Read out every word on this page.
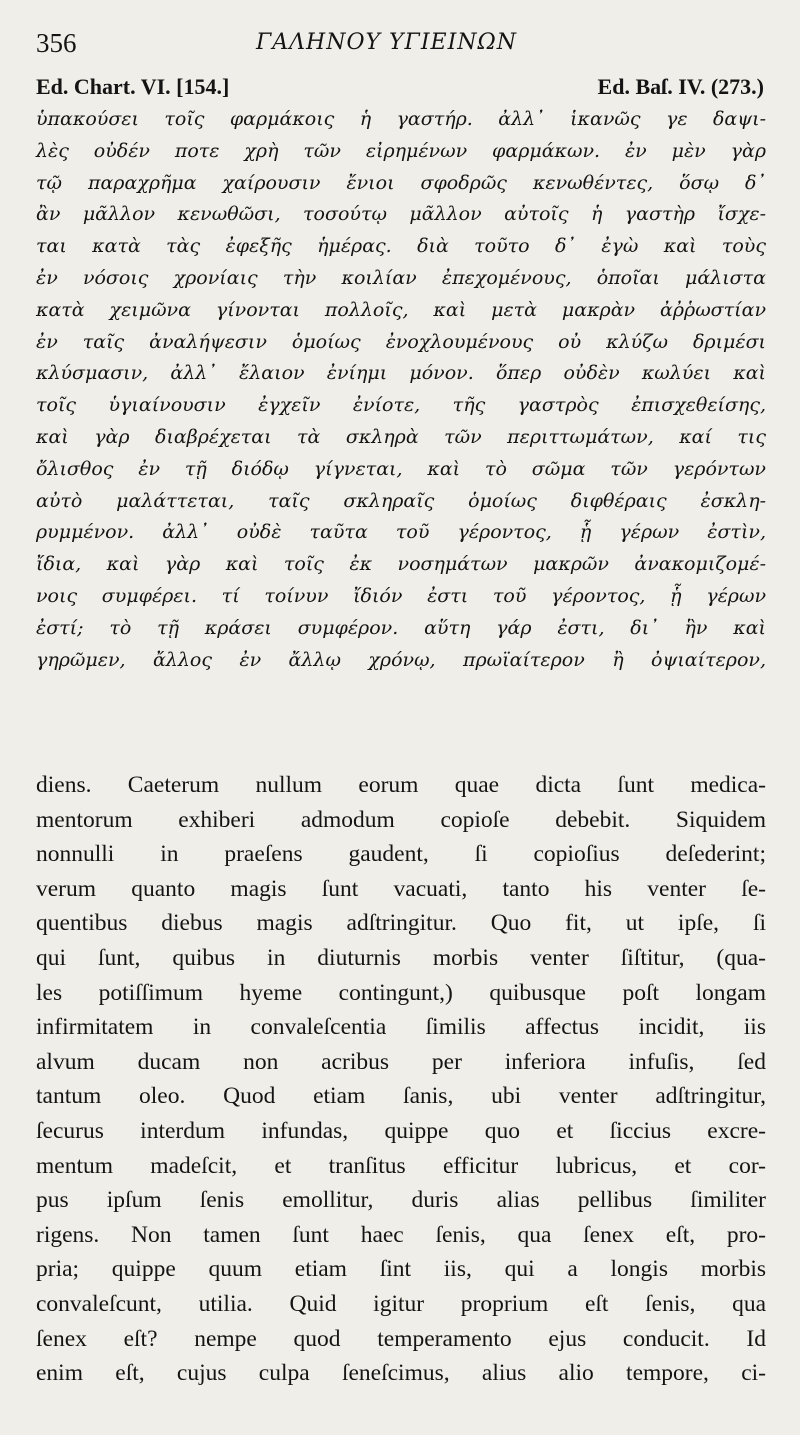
356	ΓΑΛΗΝΟΥ ΥΓΙΕΙΝΩΝ
Ed. Chart. VI. [154.]	Ed. Baſ. IV. (273.)
ὑπακούσει τοῖς φαρμάκοις ἡ γαστήρ. ἀλλ᾽ ἱκανῶς γε δαψι-
λὲς οὐδέν ποτε χρὴ τῶν εἰρημένων φαρμάκων. ἐν μὲν γὰρ
τῷ παραχρῆμα χαίρουσιν ἔνιοι σφοδρῶς κενωθέντες, ὅσῳ δ᾽
ἂν μᾶλλον κενωθῶσι, τοσούτῳ μᾶλλον αὐτοῖς ἡ γαστὴρ ἴσχε-
ται κατὰ τὰς ἐφεξῆς ἡμέρας. διὰ τοῦτο δ᾽ ἐγὼ καὶ τοὺς
ἐν νόσοις χρονίαις τὴν κοιλίαν ἐπεχομένους, ὁποῖαι μάλιστα
κατὰ χειμῶνα γίνονται πολλοῖς, καὶ μετὰ μακρὰν ἀῤῥωστίαν
ἐν ταῖς ἀναλήψεσιν ὁμοίως ἐνοχλουμένους οὐ κλύζω δριμέσι
κλύσμασιν, ἀλλ᾽ ἔλαιον ἐνίημι μόνον. ὅπερ οὐδὲν κωλύει καὶ
τοῖς ὑγιαίνουσιν ἐγχεῖν ἐνίοτε, τῆς γαστρὸς ἐπισχεθείσης,
καὶ γὰρ διαβρέχεται τὰ σκληρὰ τῶν περιττωμάτων, καί τις
ὄλισθος ἐν τῇ διόδῳ γίγνεται, καὶ τὸ σῶμα τῶν γερόντων
αὐτὸ μαλάττεται, ταῖς σκληραῖς ὁμοίως διφθέραις ἐσκλη-
ρυμμένον. ἀλλ᾽ οὐδὲ ταῦτα τοῦ γέροντος, ᾗ γέρων ἐστὶν,
ἴδια, καὶ γὰρ καὶ τοῖς ἐκ νοσημάτων μακρῶν ἀνακομιζομέ-
νοις συμφέρει. τί τοίνυν ἴδιόν ἐστι τοῦ γέροντος, ᾗ γέρων
ἐστί; τὸ τῇ κράσει συμφέρον. αὕτη γάρ ἐστι, δι᾽ ἣν καὶ
γηρῶμεν, ἄλλος ἐν ἄλλῳ χρόνῳ, πρωϊαίτερον ἢ ὀψιαίτερον,
diens. Caeterum nullum eorum quae dicta ſunt medica-
mentorum exhiberi admodum copioſe debebit. Siquidem
nonnulli in praeſens gaudent, ſi copioſius deſederint;
verum quanto magis ſunt vacuati, tanto his venter ſe-
quentibus diebus magis adſtringitur. Quo fit, ut ipſe, ſi
qui ſunt, quibus in diuturnis morbis venter ſiſtitur, (qua-
les potiſſimum hyeme contingunt,) quibusque poſt longam
infirmitatem in convaleſcentia ſimilis affectus incidit, iis
alvum ducam non acribus per inferiora infuſis, ſed
tantum oleo. Quod etiam ſanis, ubi venter adſtringitur,
ſecurus interdum infundas, quippe quo et ſiccius excre-
mentum madeſcit, et tranſitus efficitur lubricus, et cor-
pus ipſum ſenis emollitur, duris alias pellibus ſimiliter
rigens. Non tamen ſunt haec ſenis, qua ſenex eſt, pro-
pria; quippe quum etiam ſint iis, qui a longis morbis
convaleſcunt, utilia. Quid igitur proprium eſt ſenis, qua
ſenex eſt? nempe quod temperamento ejus conducit. Id
enim eſt, cujus culpa ſeneſcimus, alius alio tempore, ci-
